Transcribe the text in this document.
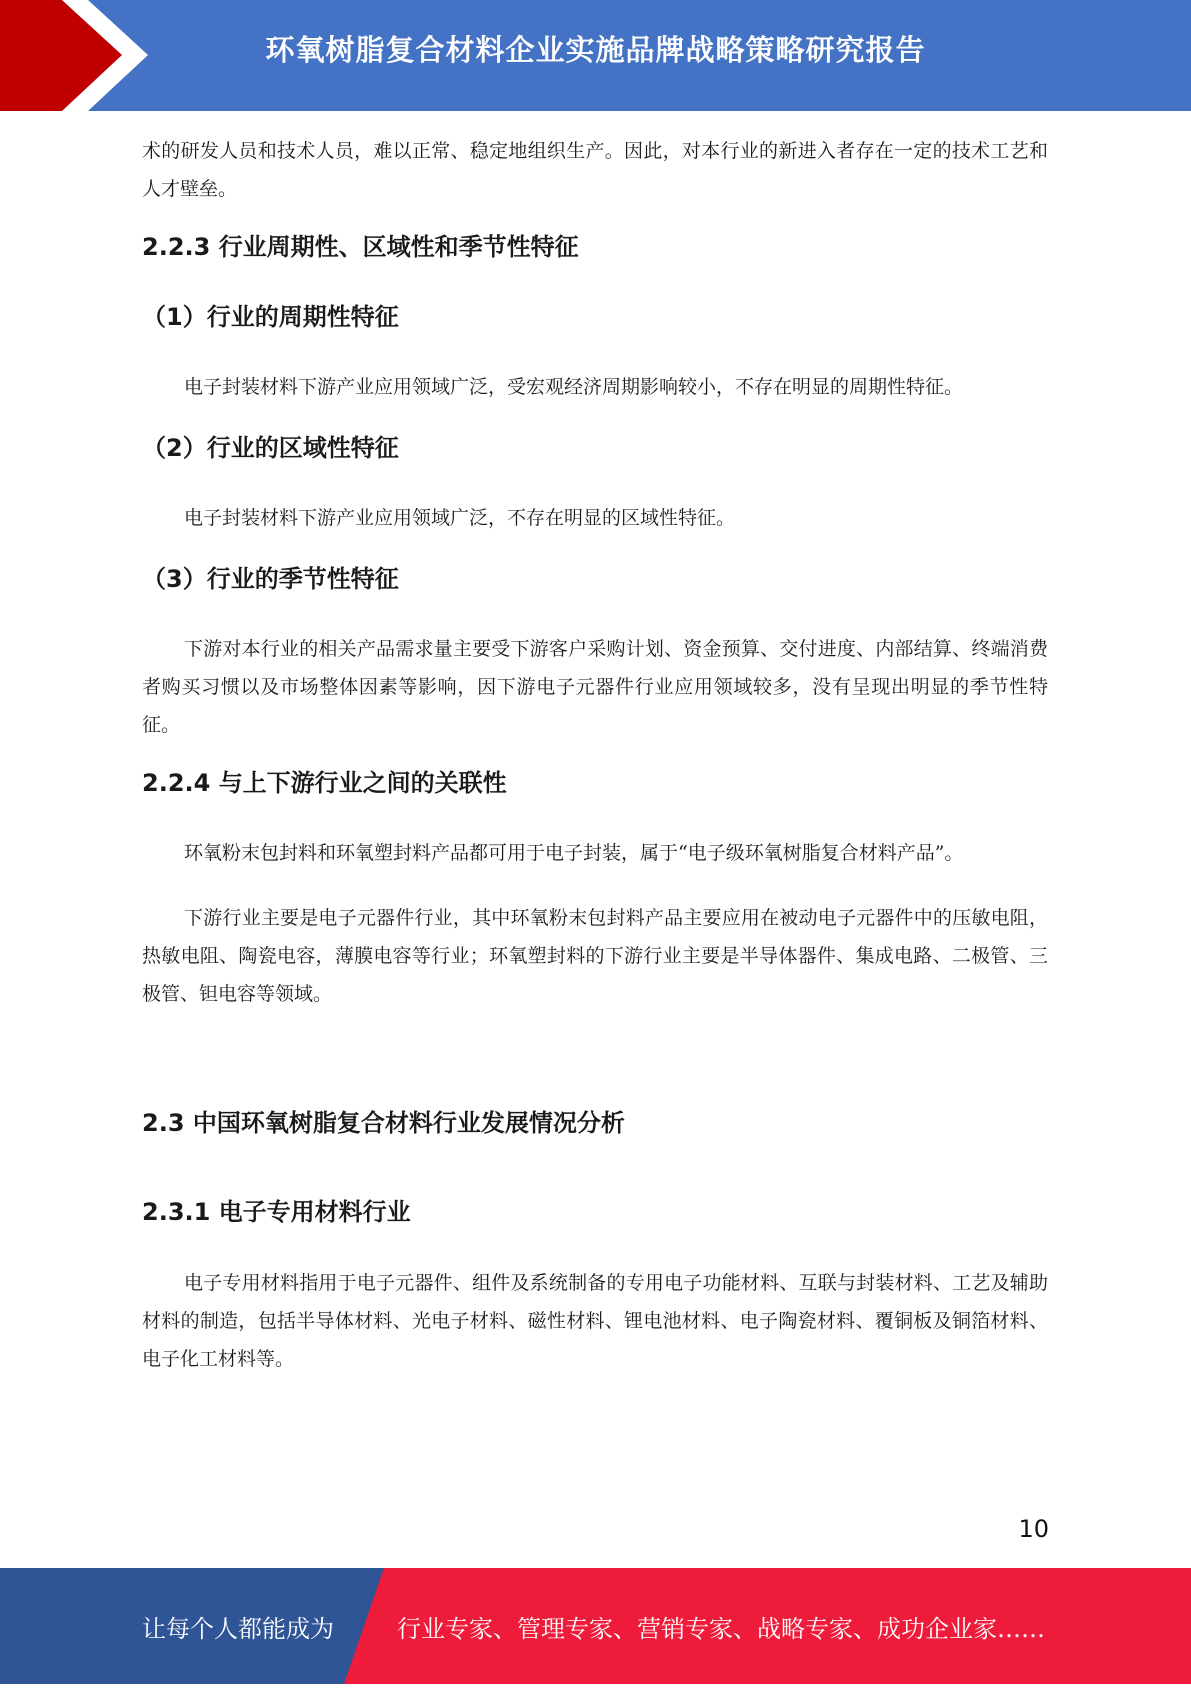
环氧树脂复合材料企业实施品牌战略策略研究报告

术的研发人员和技术人员，难以正常、稳定地组织生产。因此，对本行业的新进入者存在一定的技术工艺和人才壁垒。

2.2.3 行业周期性、区域性和季节性特征
（1）行业的周期性特征

电子封装材料下游产业应用领域广泛，受宏观经济周期影响较小，不存在明显的周期性特征。

（2）行业的区域性特征

电子封装材料下游产业应用领域广泛，不存在明显的区域性特征。

（3）行业的季节性特征

下游对本行业的相关产品需求量主要受下游客户采购计划、资金预算、交付进度、内部结算、终端消费者购买习惯以及市场整体因素等影响，因下游电子元器件行业应用领域较多，没有呈现出明显的季节性特征。

2.2.4 与上下游行业之间的关联性

环氧粉末包封料和环氧塑封料产品都可用于电子封装，属于“电子级环氧树脂复合材料产品”。

下游行业主要是电子元器件行业，其中环氧粉末包封料产品主要应用在被动电子元器件中的压敏电阻，热敏电阻、陶瓷电容，薄膜电容等行业；环氧塑封料的下游行业主要是半导体器件、集成电路、二极管、三极管、钽电容等领域。

2.3 中国环氧树脂复合材料行业发展情况分析
2.3.1 电子专用材料行业

电子专用材料指用于电子元器件、组件及系统制备的专用电子功能材料、互联与封装材料、工艺及辅助材料的制造，包括半导体材料、光电子材料、磁性材料、锂电池材料、电子陶瓷材料、覆铜板及铜箔材料、电子化工材料等。

10
让每个人都能成为	行业专家、管理专家、营销专家、战略专家、成功企业家……
